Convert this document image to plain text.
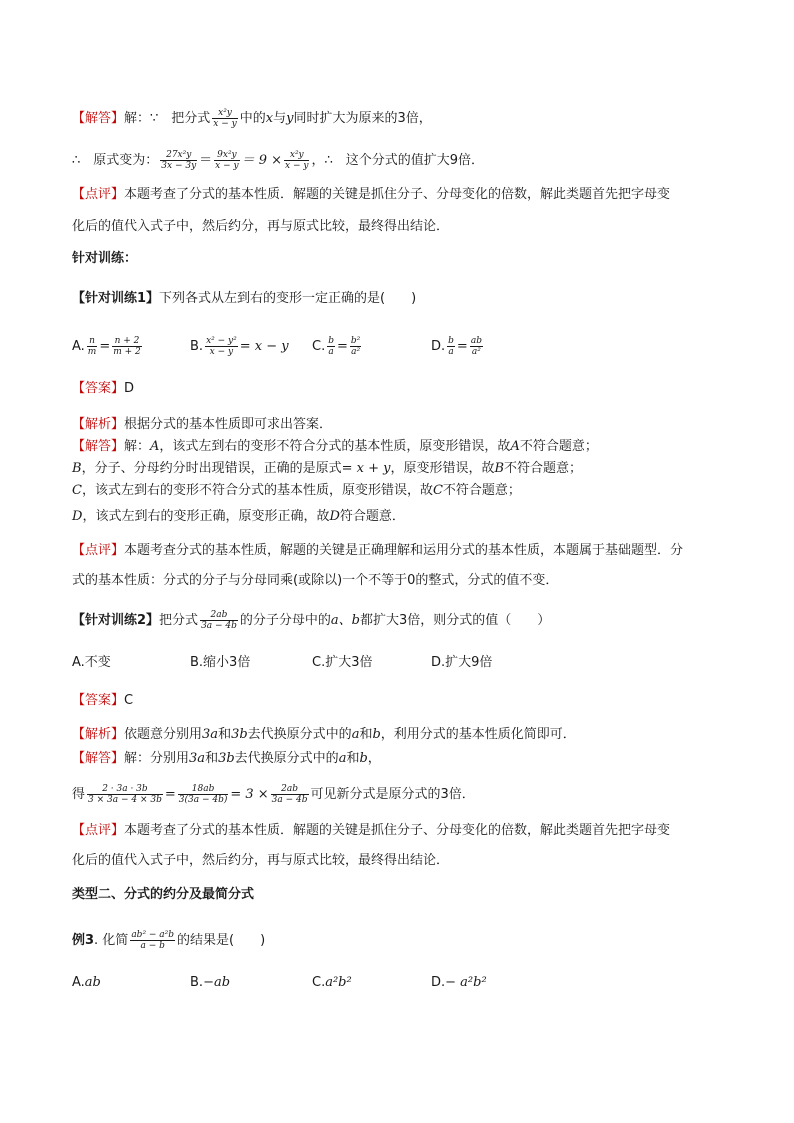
【解答】解：∵　把分式 $\frac{\text{x²y}}{x - y}$ 中的x与y同时扩大为原来的3倍，
∴　原式变为： $\frac{\text{27x²y}}{3x - 3y} = \frac{\text{9x²y}}{x - y} = 9 \times \frac{\text{x²y}}{x - y}$ ，∴　这个分式的值扩大9倍．
【点评】本题考查了分式的基本性质．解题的关键是抓住分子、分母变化的倍数，解此类题首先把字母变
化后的值代入式子中，然后约分，再与原式比较，最终得出结论．
针对训练：
【针对训练1】下列各式从左到右的变形一定正确的是(　　)
A. $\frac{n}{m} = \frac{n + 2}{m + 2}$	B. $\frac{\text{x² − y²}}{x - y} = x - y$ C. $\frac{b}{a} = \frac{\text{b²}}{\text{a²}}$	D. $\frac{b}{a} = \frac{ab}{\text{a²}}$
【答案】D
【解析】根据分式的基本性质即可求出答案．
【解答】解：A，该式左到右的变形不符合分式的基本性质，原变形错误，故A不符合题意；
B，分子、分母约分时出现错误，正确的是原式= x + y，原变形错误，故B不符合题意；
C，该式左到右的变形不符合分式的基本性质，原变形错误，故C不符合题意；
D，该式左到右的变形正确，原变形正确，故D符合题意．
【点评】本题考查分式的基本性质，解题的关键是正确理解和运用分式的基本性质，本题属于基础题型．分
式的基本性质：分式的分子与分母同乘(或除以)一个不等于0的整式，分式的值不变．
【针对训练2】把分式 $\frac{2ab}{3a - 4b}$ 的分子分母中的a、b都扩大3倍，则分式的值（　　）
A.不变	B.缩小3倍	C.扩大3倍	D.扩大9倍
【答案】C
【解析】依题意分别用3a和3b去代换原分式中的a和b，利用分式的基本性质化简即可．
【解答】解：分别用3a和3b去代换原分式中的a和b，
得 $\frac{2 \cdot 3a \cdot 3b}{3 \times 3a - 4 \times 3b} = \frac{18ab}{3(3a - 4b)} = 3 \times \frac{2ab}{3a - 4b}$ 可见新分式是原分式的3倍．
【点评】本题考查了分式的基本性质．解题的关键是抓住分子、分母变化的倍数，解此类题首先把字母变
化后的值代入式子中，然后约分，再与原式比较，最终得出结论．
类型二、分式的约分及最简分式
例3. 化简 $\frac{\text{ab² − a²b}}{a - b}$ 的结果是(　　)
A.ab	B.−ab	C.a²b²	D.− a²b²
